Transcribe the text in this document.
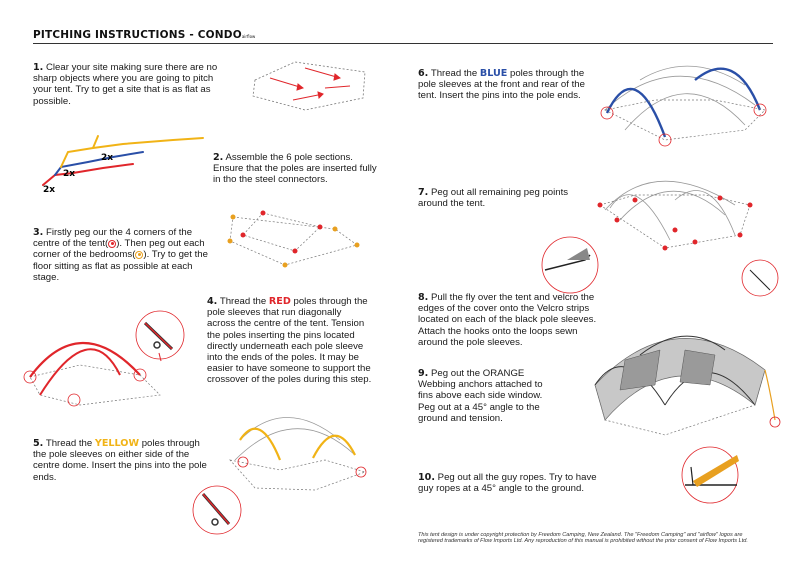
PITCHING INSTRUCTIONS - CONDOairflow
1. Clear your site making sure there are no sharp objects where you are going to pitch your tent. Try to get a site that is as flat as possible.
2x
2x
2x	2. Assemble the 6 pole sections. Ensure that the poles are inserted fully in tho the steel connectors.
3. Firstly peg our the 4 corners of the centre of the tent( ). Then peg out each corner of the bedrooms( ). Try to get the floor sitting as flat as possible at each stage.
4. Thread the RED poles through the pole sleeves that run diagonally across the centre of the tent. Tension the poles inserting the pins located directly underneath each pole sleeve into the ends of the poles. It may be easier to have someone to support the crossover of the poles during this step.
5. Thread the YELLOW poles through the pole sleeves on either side of the centre dome. Insert the pins into the pole ends.
6. Thread the BLUE poles through the pole sleeves at the front and rear of the tent. Insert the pins into the pole ends.
7. Peg out all remaining peg points around the tent.
8. Pull the fly over the tent and velcro the edges of the cover onto the Velcro strips located on each of the black pole sleeves. Attach the hooks onto the loops sewn around the pole sleeves.
9. Peg out the ORANGE Webbing anchors attached to fins above each side window. Peg out at a 45° angle to the ground and tension.
10. Peg out all the guy ropes. Try to have guy ropes at a 45° angle to the ground.
This tent design is under copyright protection by Freedom Camping, New Zealand. The "Freedom Camping" and "airflow" logos are registered trademarks of Flow Imports Ltd. Any reproduction of this manual is prohibited without the prior consent of Flow Imports Ltd.
